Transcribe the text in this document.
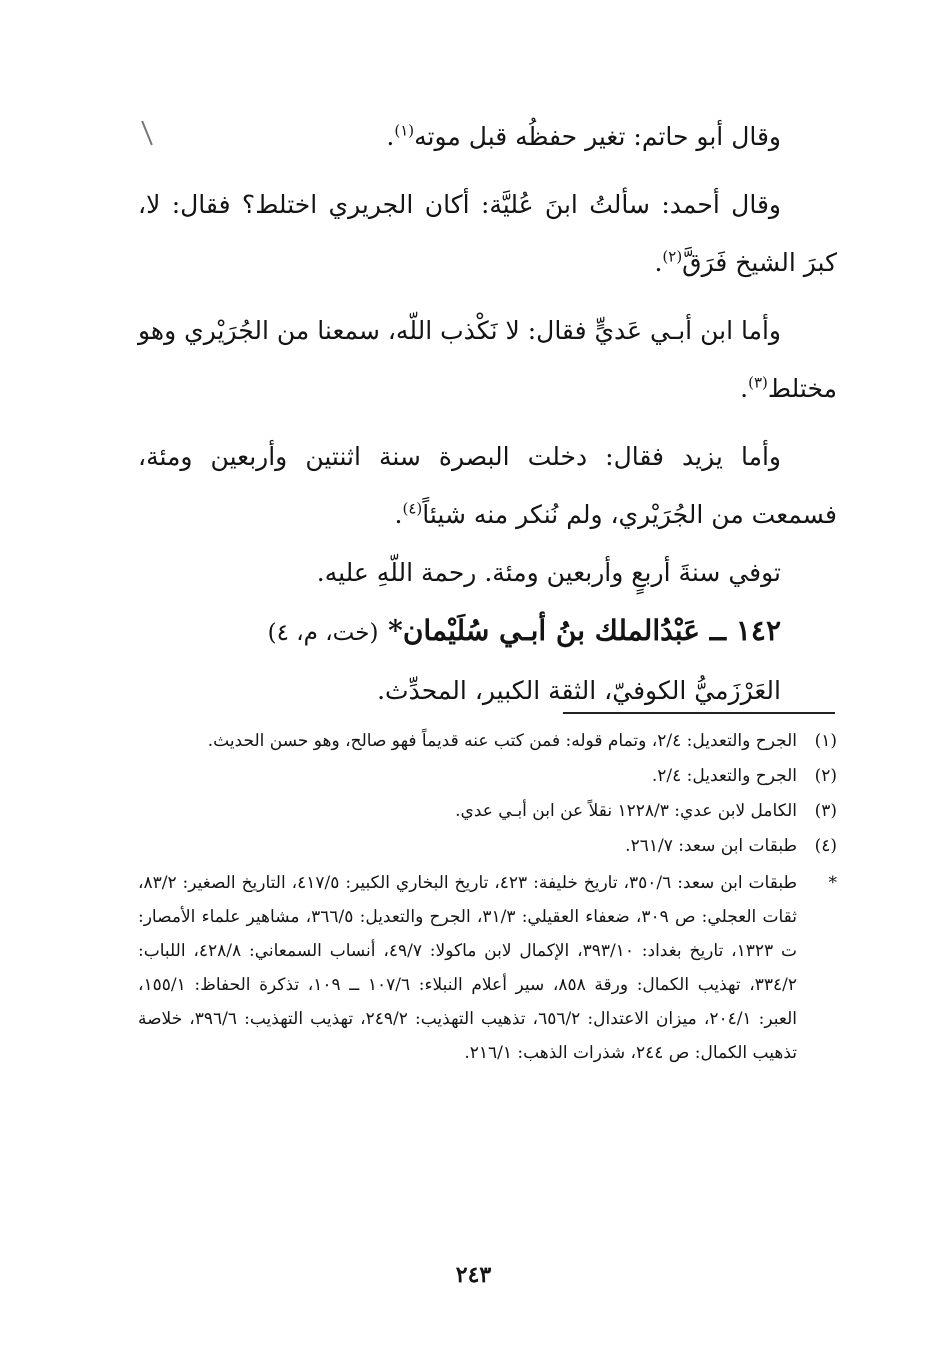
وقال أبو حاتم: تغير حفظُه قبل موته$^{(١)}$.

وقال أحمد: سألتُ ابنَ عُليَّة: أكان الجريري اختلط؟ فقال: لا، كبرَ الشيخ فَرَقَّ$^{(٢)}$.

وأما ابن أبـي عَديٍّ فقال: لا نَكْذب اللّه، سمعنا من الجُرَيْري وهو مختلط$^{(٣)}$.

وأما يزيد فقال: دخلت البصرة سنة اثنتين وأربعين ومئة، فسمعت من الجُرَيْري، ولم نُنكر منه شيئاً$^{(٤)}$.

توفي سنةَ أربعٍ وأربعين ومئة. رحمة اللّهِ عليه.

١٤٢ ــ عَبْدُالملك بنُ أبـي سُلَيْمان* (خت، م، ٤)

العَرْزَميُّ الكوفيّ، الثقة الكبير، المحدِّث.

(١)
الجرح والتعديل: ٢/٤، وتمام قوله: فمن كتب عنه قديماً فهو صالح، وهو حسن الحديث.
(٢)
الجرح والتعديل: ٢/٤.
(٣)
الكامل لابن عدي: ١٢٢٨/٣ نقلاً عن ابن أبـي عدي.
(٤)
طبقات ابن سعد: ٢٦١/٧.
*
طبقات ابن سعد: ٣٥٠/٦، تاريخ خليفة: ٤٢٣، تاريخ البخاري الكبير: ٤١٧/٥، التاريخ الصغير: ٨٣/٢، ثقات العجلي: ص ٣٠٩، ضعفاء العقيلي: ٣١/٣، الجرح والتعديل: ٣٦٦/٥، مشاهير علماء الأمصار: ت ١٣٢٣، تاريخ بغداد: ٣٩٣/١٠، الإكمال لابن ماكولا: ٤٩/٧، أنساب السمعاني: ٤٢٨/٨، اللباب: ٣٣٤/٢، تهذيب الكمال: ورقة ٨٥٨، سير أعلام النبلاء: ١٠٧/٦ ــ ١٠٩، تذكرة الحفاظ: ١٥٥/١، العبر: ٢٠٤/١، ميزان الاعتدال: ٦٥٦/٢، تذهيب التهذيب: ٢٤٩/٢، تهذيب التهذيب: ٣٩٦/٦، خلاصة تذهيب الكمال: ص ٢٤٤، شذرات الذهب: ٢١٦/١.
٢٤٣
